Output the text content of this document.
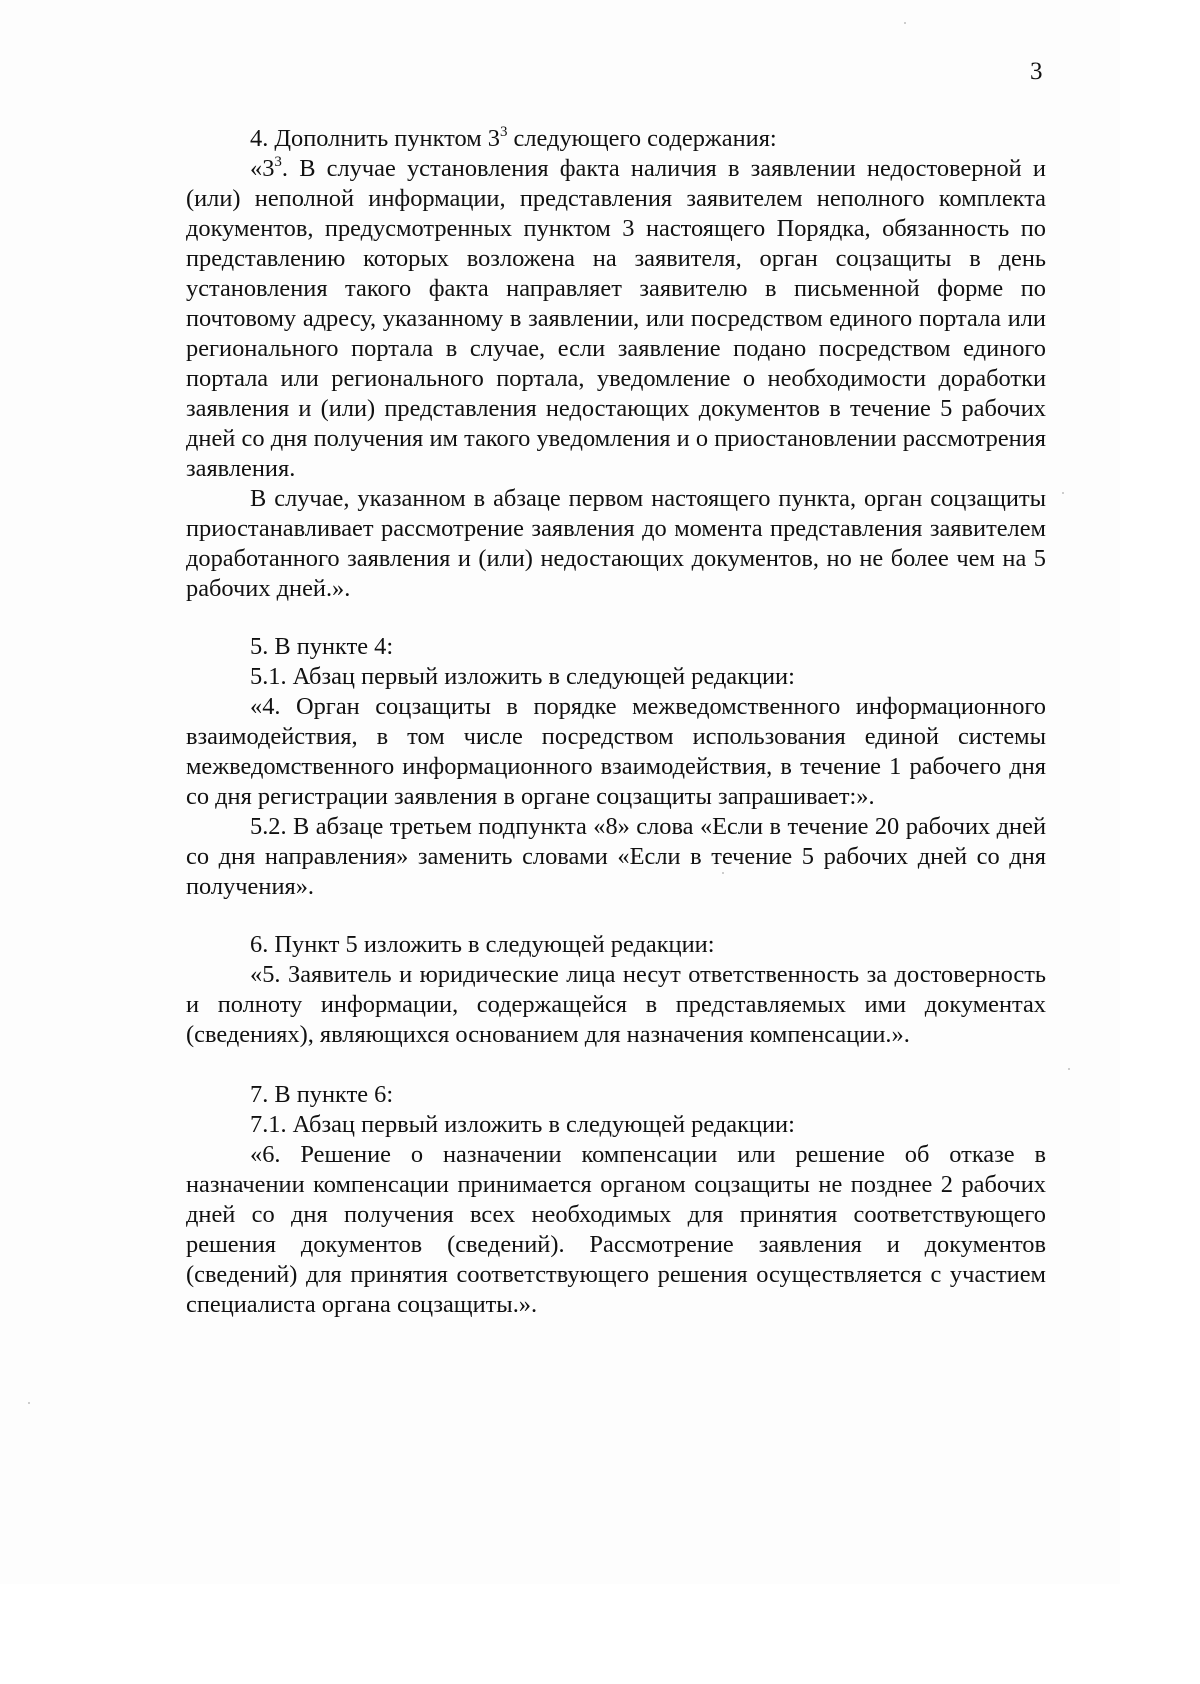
3

4. Дополнить пунктом $3^3$ следующего содержания:

«$3^3$. В случае установления факта наличия в заявлении недостоверной и (или) неполной информации, представления заявителем неполного комплекта документов, предусмотренных пунктом 3 настоящего Порядка, обязанность по представлению которых возложена на заявителя, орган соцзащиты в день установления такого факта направляет заявителю в письменной форме по почтовому адресу, указанному в заявлении, или посредством единого портала или регионального портала в случае, если заявление подано посредством единого портала или регионального портала, уведомление о необходимости доработки заявления и (или) представления недостающих документов в течение 5 рабочих дней со дня получения им такого уведомления и о приостановлении рассмотрения заявления.

В случае, указанном в абзаце первом настоящего пункта, орган соцзащиты приостанавливает рассмотрение заявления до момента представления заявителем доработанного заявления и (или) недостающих документов, но не более чем на 5 рабочих дней.».

5. В пункте 4:

5.1. Абзац первый изложить в следующей редакции:

«4. Орган соцзащиты в порядке межведомственного информационного взаимодействия, в том числе посредством использования единой системы межведомственного информационного взаимодействия, в течение 1 рабочего дня со дня регистрации заявления в органе соцзащиты запрашивает:».

5.2. В абзаце третьем подпункта «8» слова «Если в течение 20 рабочих дней со дня направления» заменить словами «Если в течение 5 рабочих дней со дня получения».

6. Пункт 5 изложить в следующей редакции:

«5. Заявитель и юридические лица несут ответственность за достоверность и полноту информации, содержащейся в представляемых ими документах (сведениях), являющихся основанием для назначения компенсации.».

7. В пункте 6:

7.1. Абзац первый изложить в следующей редакции:

«6. Решение о назначении компенсации или решение об отказе в назначении компенсации принимается органом соцзащиты не позднее 2 рабочих дней со дня получения всех необходимых для принятия соответствующего решения документов (сведений). Рассмотрение заявления и документов (сведений) для принятия соответствующего решения осуществляется с участием специалиста органа соцзащиты.».
